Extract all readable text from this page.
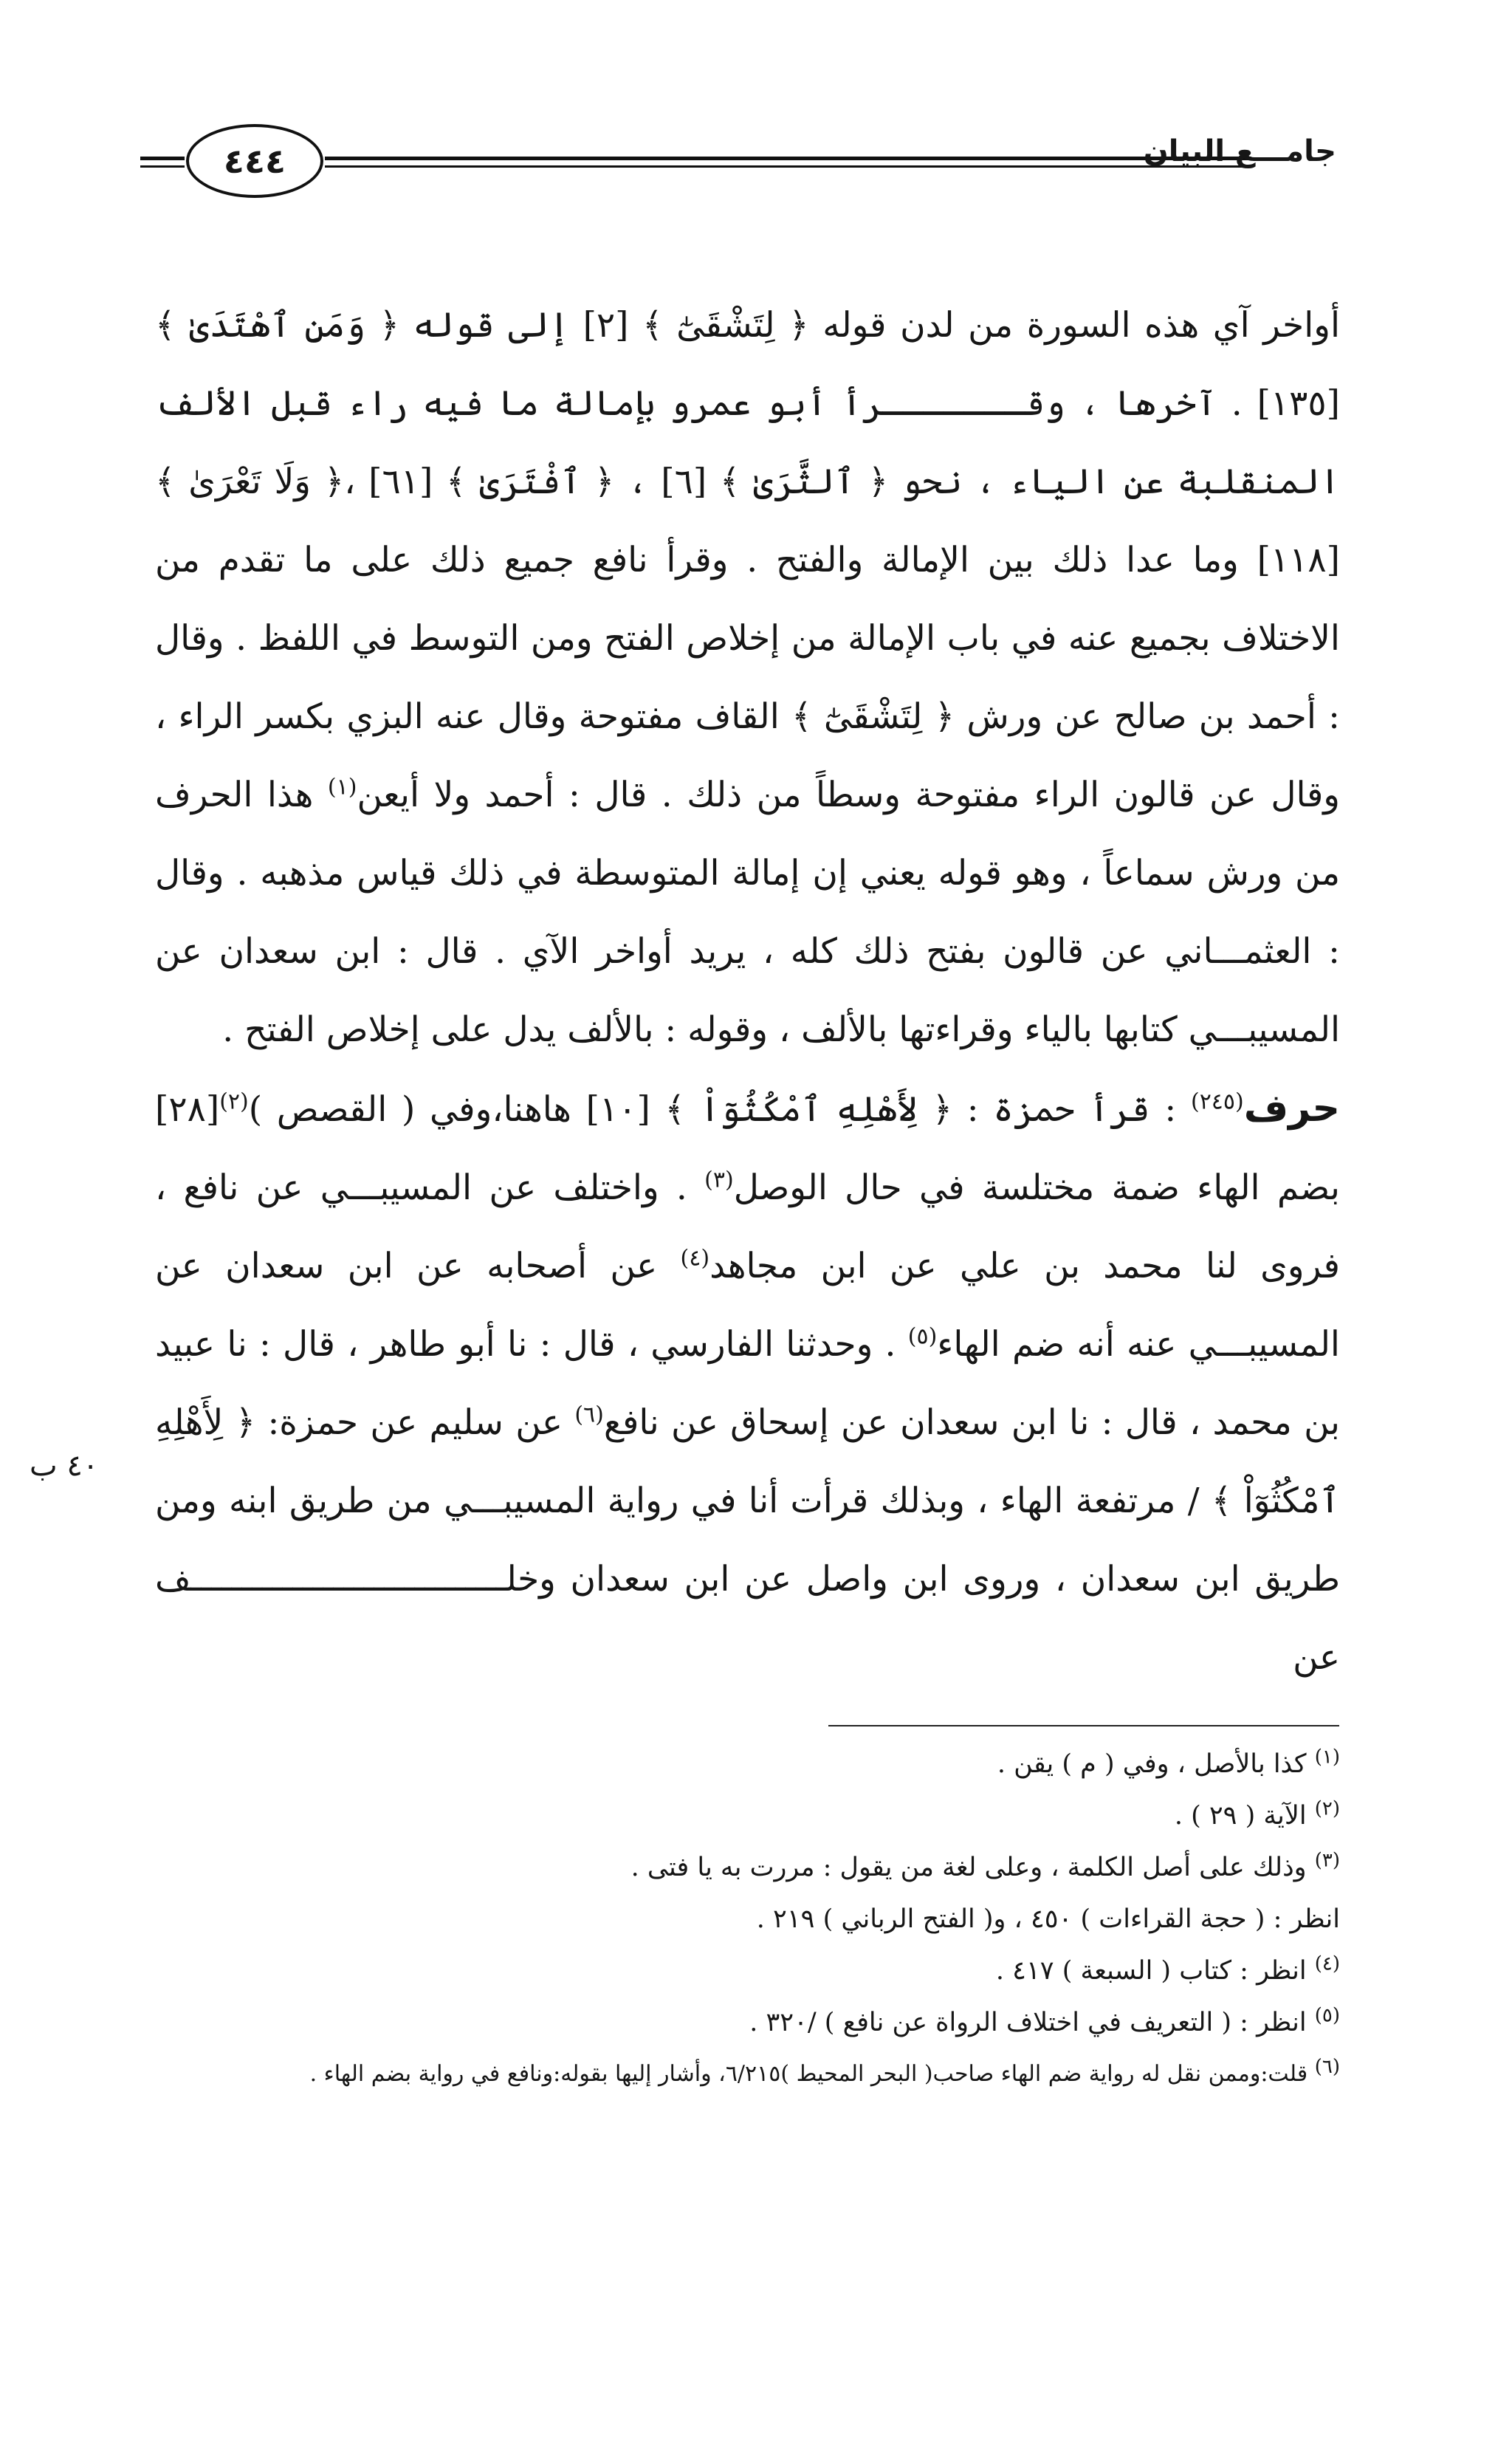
٤٤٤	جامـــع البيان

أواخر آي هذه السورة من لدن قوله ﴿ لِتَشْقَىٰٓ ﴾ [٢] إلى قوله ﴿ وَمَنِ ٱهْتَدَىٰ ﴾ [١٣٥] . آخرها ، وقـــــــرأ أبو عمرو بإمالة ما فيه راء قبل الألف المنقلبة عن الياء ، نحو ﴿ ٱلثَّرَىٰ ﴾ [٦] ، ﴿ ٱفْتَرَىٰ ﴾ [٦١] ،﴿ وَلَا تَعْرَىٰ ﴾[١١٨] وما عدا ذلك بين الإمالة والفتح . وقرأ نافع جميع ذلك على ما تقدم من الاختلاف بجميع عنه في باب الإمالة من إخلاص الفتح ومن التوسط في اللفظ . وقال : أحمد بن صالح عن ورش ﴿ لِتَشْقَىٰٓ ﴾ القاف مفتوحة وقال عنه البزي بكسر الراء ، وقال عن قالون الراء مفتوحة وسطاً من ذلك . قال : أحمد ولا أيعن$^{(١)}$ هذا الحرف من ورش سماعاً ، وهو قوله يعني إن إمالة المتوسطة في ذلك قياس مذهبه . وقال : العثمـــاني عن قالون بفتح ذلك كله ، يريد أواخر الآي . قال : ابن سعدان عن المسيبـــي كتابها بالياء وقراءتها بالألف ، وقوله : بالألف يدل على إخلاص الفتح .

حرف$^{(٢٤٥)}$ : قرأ حمزة : ﴿ لِأَهْلِهِ ٱمْكُثُوٓاْ ﴾ [١٠] هاهنا،وفي ( القصص )$^{(٢)}$[٢٨] بضم الهاء ضمة مختلسة في حال الوصل$^{(٣)}$ . واختلف عن المسيبـــي عن نافع ، فروى لنا محمد بن علي عن ابن مجاهد$^{(٤)}$ عن أصحابه عن ابن سعدان عن المسيبـــي عنه أنه ضم الهاء$^{(٥)}$ . وحدثنا الفارسي ، قال : نا أبو طاهر ، قال : نا عبيد بن محمد ، قال : نا ابن سعدان عن إسحاق عن نافع$^{(٦)}$ عن سليم عن حمزة: ﴿ لِأَهْلِهِ ٱمْكُثُوٓاْ ﴾ / مرتفعة الهاء ، وبذلك قرأت أنا في رواية المسيبـــي من طريق ابنه ومن طريق ابن سعدان ، وروى ابن واصل عن ابن سعدان وخلـــــــــــــــــــــــــــــــف عن

٤٠ ب

$^{(١)}$ كذا بالأصل ، وفي ( م ) يقن .

$^{(٢)}$ الآية ( ٢٩ ) .

$^{(٣)}$ وذلك على أصل الكلمة ، وعلى لغة من يقول : مررت به يا فتى .

انظر : ( حجة القراءات ) ٤٥٠ ، و( الفتح الرباني ) ٢١٩ .

$^{(٤)}$ انظر : كتاب ( السبعة ) ٤١٧ .

$^{(٥)}$ انظر : ( التعريف في اختلاف الرواة عن نافع ) /٣٢٠ .

(٦) قلت:وممن نقل له رواية ضم الهاء صاحب( البحر المحيط )٦/٢١٥، وأشار إليها بقوله:ونافع في رواية بضم الهاء .
